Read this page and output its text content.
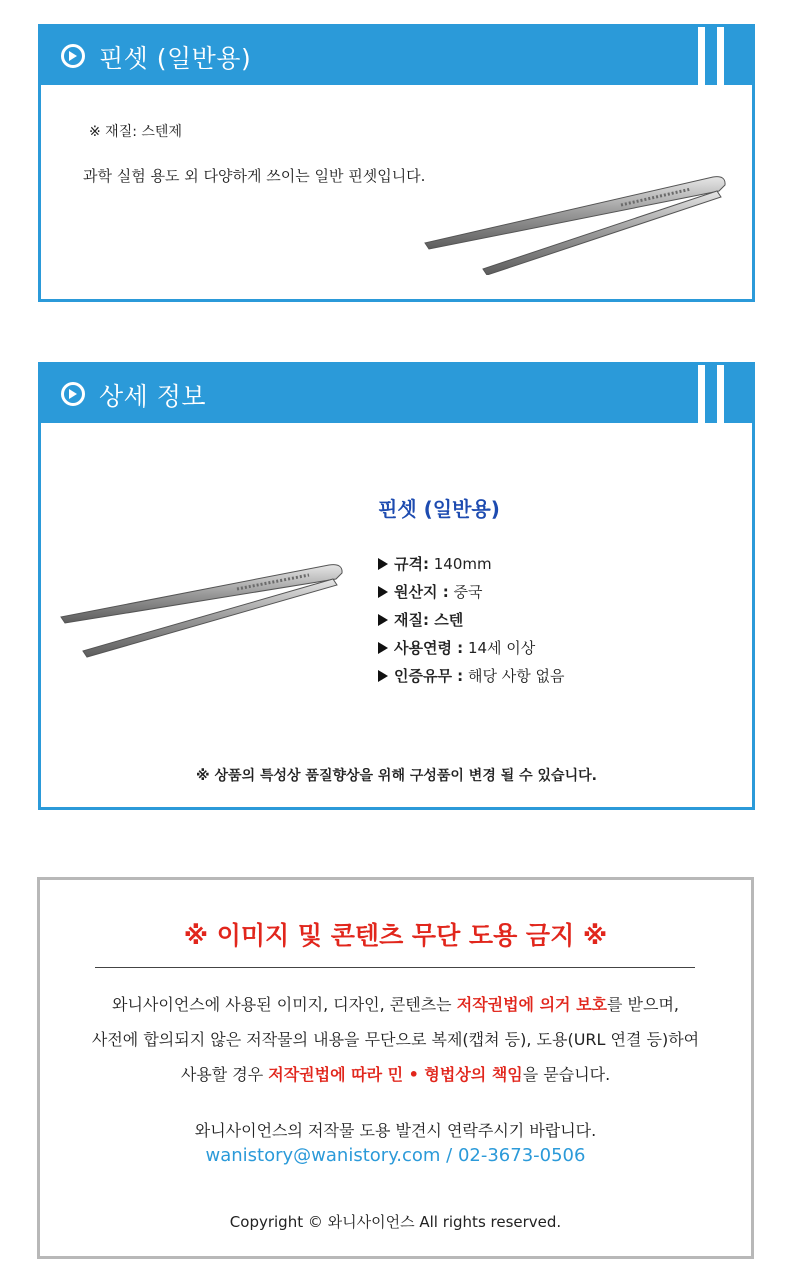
핀셋 (일반용)
※ 재질: 스텐제
과학 실험 용도 외 다양하게 쓰이는 일반 핀셋입니다.
상세 정보
핀셋 (일반용)
규격: 140mm
원산지 : 중국
재질: 스텐
사용연령 : 14세 이상
인증유무 : 해당 사항 없음
※ 상품의 특성상 품질향상을 위해 구성품이 변경 될 수 있습니다.
※ 이미지 및 콘텐츠 무단 도용 금지 ※
와니사이언스에 사용된 이미지, 디자인, 콘텐츠는 저작권법에 의거 보호를 받으며,
사전에 합의되지 않은 저작물의 내용을 무단으로 복제(캡쳐 등), 도용(URL 연결 등)하여
사용할 경우 저작권법에 따라 민 • 형법상의 책임을 묻습니다.
와니사이언스의 저작물 도용 발견시 연락주시기 바랍니다.
wanistory@wanistory.com / 02-3673-0506
Copyright © 와니사이언스 All rights reserved.
